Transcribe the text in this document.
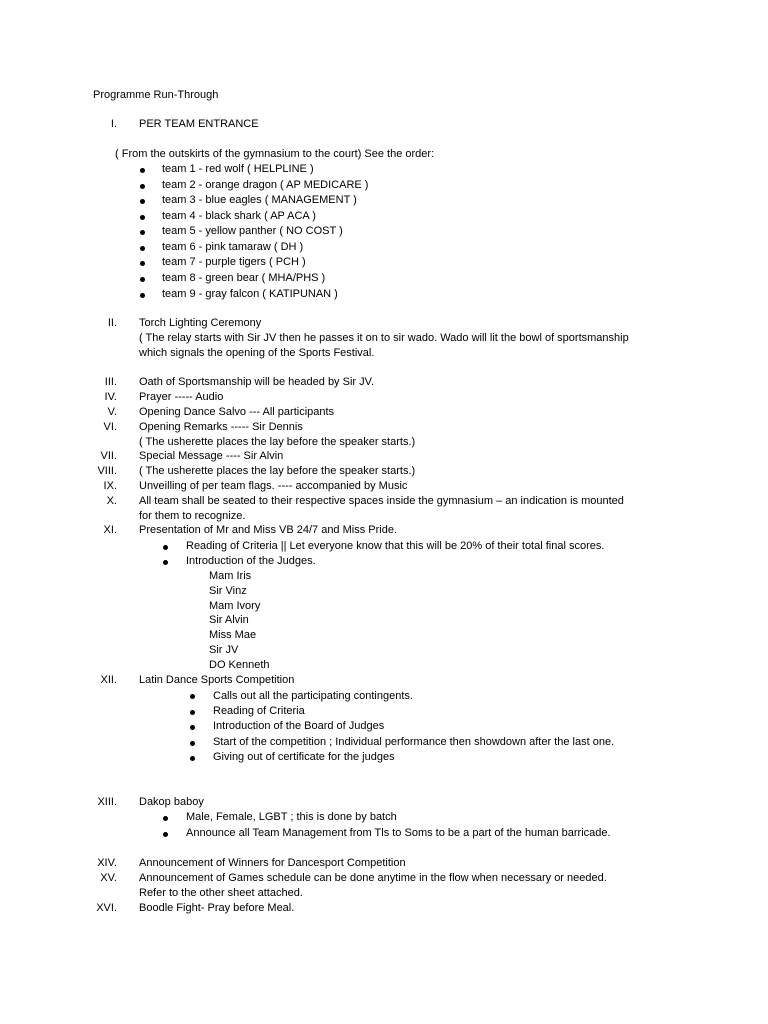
Programme Run-Through
I. PER TEAM ENTRANCE
( From the outskirts of the gymnasium to the court) See the order:
team 1 - red wolf ( HELPLINE )
team 2 - orange dragon ( AP MEDICARE )
team 3 - blue eagles ( MANAGEMENT )
team 4 - black shark ( AP ACA )
team 5 - yellow panther ( NO COST )
team 6 - pink tamaraw ( DH )
team 7 - purple tigers ( PCH )
team 8 - green bear ( MHA/PHS )
team 9 - gray falcon ( KATIPUNAN )
II. Torch Lighting Ceremony
( The relay starts with Sir JV then he passes it on to sir wado. Wado will lit the bowl of sportsmanship
which signals the opening of the Sports Festival.
III. Oath of Sportsmanship will be headed by Sir JV.
IV. Prayer ----- Audio
V. Opening Dance Salvo --- All participants
VI. Opening Remarks ----- Sir Dennis
( The usherette places the lay before the speaker starts.)
VII. Special Message ---- Sir Alvin
VIII. ( The usherette places the lay before the speaker starts.)
IX. Unveilling of per team flags. ---- accompanied by Music
X. All team shall be seated to their respective spaces inside the gymnasium – an indication is mounted
for them to recognize.
XI. Presentation of Mr and Miss VB 24/7 and Miss Pride.
Reading of Criteria || Let everyone know that this will be 20% of their total final scores.
Introduction of the Judges.
Mam Iris
Sir Vinz
Mam Ivory
Sir Alvin
Miss Mae
Sir JV
DO Kenneth
XII. Latin Dance Sports Competition
Calls out all the participating contingents.
Reading of Criteria
Introduction of the Board of Judges
Start of the competition ; Individual performance then showdown after the last one.
Giving out of certificate for the judges
XIII. Dakop baboy
Male, Female, LGBT ; this is done by batch
Announce all Team Management from Tls to Soms to be a part of the human barricade.
XIV. Announcement of Winners for Dancesport Competition
XV. Announcement of Games schedule can be done anytime in the flow when necessary or needed.
Refer to the other sheet attached.
XVI. Boodle Fight- Pray before Meal.
